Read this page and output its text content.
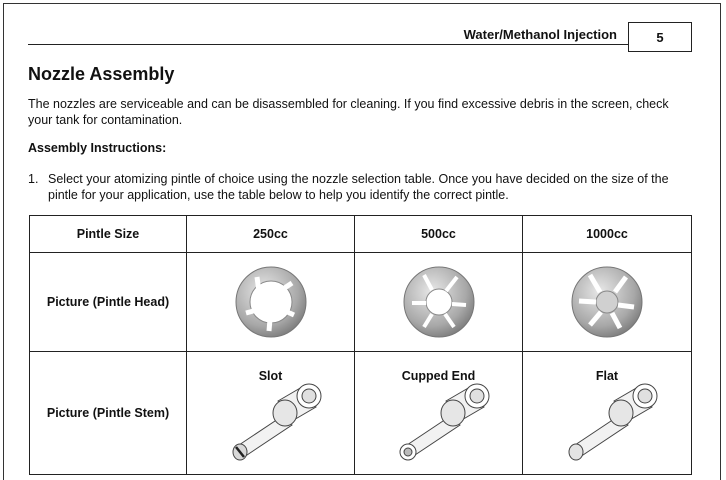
Water/Methanol Injection	5
Nozzle Assembly
The nozzles are serviceable and can be disassembled for cleaning. If you find excessive debris in the screen, check your tank for contamination.
Assembly Instructions:
1. Select your atomizing pintle of choice using the nozzle selection table. Once you have decided on the size of the pintle for your application, use the table below to help you identify the correct pintle.
Pintle Size	250cc	500cc	1000cc
Picture (Pintle Head)	

Picture (Pintle Stem)	Slot	Cupped End	Flat
